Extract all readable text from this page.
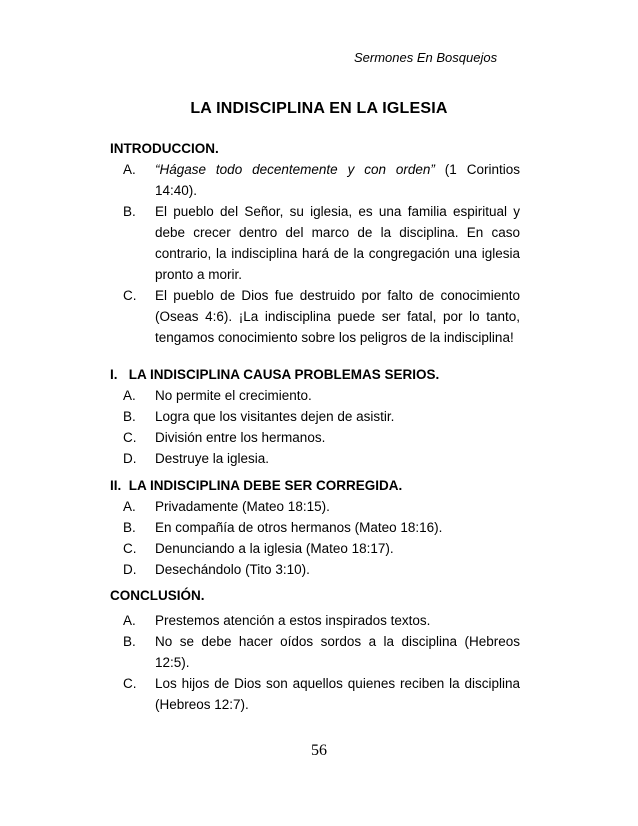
Sermones En Bosquejos
LA INDISCIPLINA EN LA IGLESIA
INTRODUCCION.
A.	“Hágase todo decentemente y con orden” (1 Corintios 14:40).
B.	El pueblo del Señor, su iglesia, es una familia espiritual y debe crecer dentro del marco de la disciplina. En caso contrario, la indisciplina hará de la congregación una iglesia pronto a morir.
C.	El pueblo de Dios fue destruido por falto de conocimiento (Oseas 4:6). ¡La indisciplina puede ser fatal, por lo tanto, tengamos conocimiento sobre los peligros de la indisciplina!
I.   LA INDISCIPLINA CAUSA PROBLEMAS SERIOS.
A.	No permite el crecimiento.
B.	Logra que los visitantes dejen de asistir.
C.	División entre los hermanos.
D.	Destruye la iglesia.
II.  LA INDISCIPLINA DEBE SER CORREGIDA.
A.	Privadamente (Mateo 18:15).
B.	En compañía de otros hermanos (Mateo 18:16).
C.	Denunciando a la iglesia (Mateo 18:17).
D.	Desechándolo (Tito 3:10).
CONCLUSIÓN.
A.	Prestemos atención a estos inspirados textos.
B.	No se debe hacer oídos sordos a la disciplina (Hebreos 12:5).
C.	Los hijos de Dios son aquellos quienes reciben la disciplina (Hebreos 12:7).
56
